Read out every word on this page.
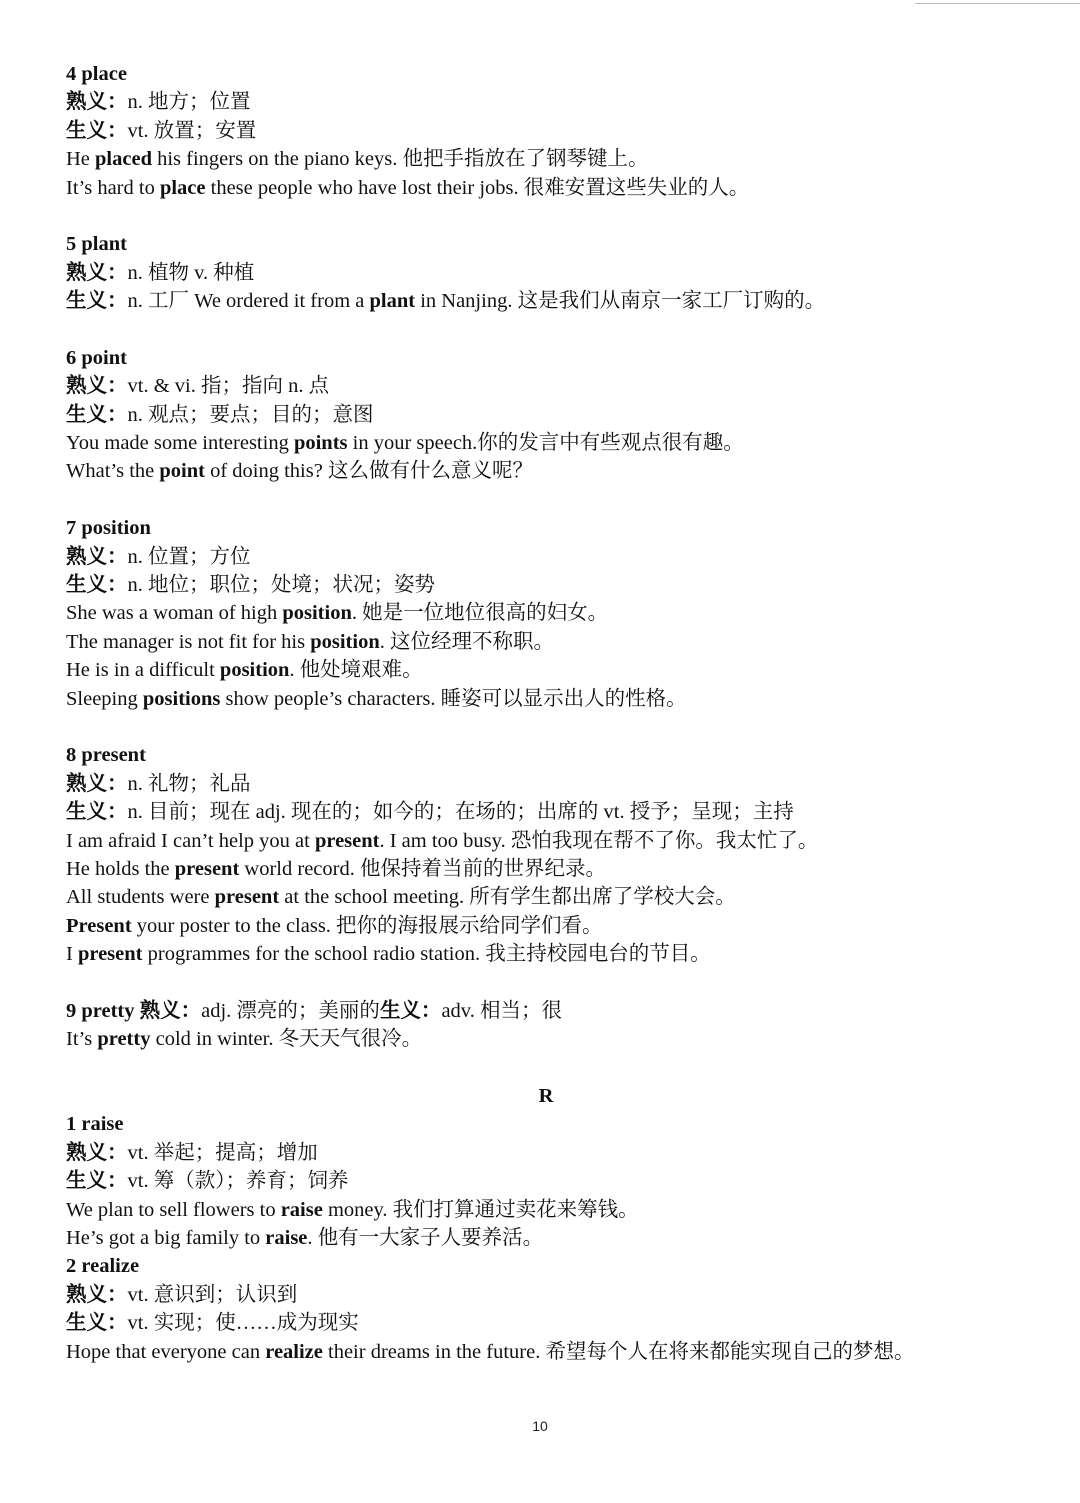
4 place
熟义：n. 地方；位置
生义：vt. 放置；安置
He placed his fingers on the piano keys. 他把手指放在了钢琴键上。
It’s hard to place these people who have lost their jobs. 很难安置这些失业的人。
5 plant
熟义：n. 植物 v. 种植
生义：n. 工厂 We ordered it from a plant in Nanjing. 这是我们从南京一家工厂订购的。
6 point
熟义：vt. & vi. 指；指向 n. 点
生义：n. 观点；要点；目的；意图
You made some interesting points in your speech.你的发言中有些观点很有趣。
What’s the point of doing this? 这么做有什么意义呢？
7 position
熟义：n. 位置；方位
生义：n. 地位；职位；处境；状况；姿势
She was a woman of high position. 她是一位地位很高的妇女。
The manager is not fit for his position. 这位经理不称职。
He is in a difficult position. 他处境艰难。
Sleeping positions show people’s characters. 睡姿可以显示出人的性格。
8 present
熟义：n. 礼物；礼品
生义：n. 目前；现在 adj. 现在的；如今的；在场的；出席的 vt. 授予；呈现；主持
I am afraid I can’t help you at present. I am too busy. 恐怕我现在帮不了你。我太忙了。
He holds the present world record. 他保持着当前的世界纪录。
All students were present at the school meeting. 所有学生都出席了学校大会。
Present your poster to the class. 把你的海报展示给同学们看。
I present programmes for the school radio station. 我主持校园电台的节目。
9 pretty 熟义：adj. 漂亮的；美丽的生义：adv. 相当；很
It’s pretty cold in winter. 冬天天气很冷。
R
1 raise
熟义：vt. 举起；提高；增加
生义：vt. 筹（款）；养育；饲养
We plan to sell flowers to raise money. 我们打算通过卖花来筹钱。
He’s got a big family to raise. 他有一大家子人要养活。
2 realize
熟义：vt. 意识到；认识到
生义：vt. 实现；使……成为现实
Hope that everyone can realize their dreams in the future. 希望每个人在将来都能实现自己的梦想。
10
